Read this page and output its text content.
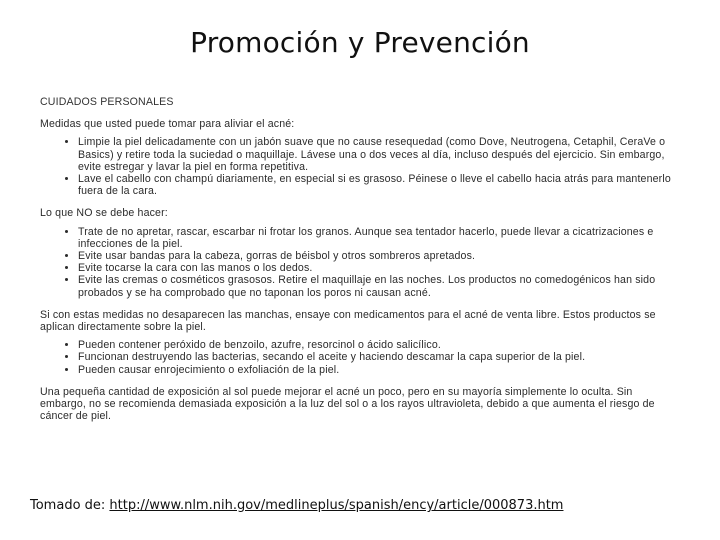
Promoción y Prevención
CUIDADOS PERSONALES
Medidas que usted puede tomar para aliviar el acné:
• Limpie la piel delicadamente con un jabón suave que no cause resequedad (como Dove, Neutrogena, Cetaphil, CeraVe o Basics) y retire toda la suciedad o maquillaje. Lávese una o dos veces al día, incluso después del ejercicio. Sin embargo, evite estregar y lavar la piel en forma repetitiva.
• Lave el cabello con champú diariamente, en especial si es grasoso. Péinese o lleve el cabello hacia atrás para mantenerlo fuera de la cara.
Lo que NO se debe hacer:
• Trate de no apretar, rascar, escarbar ni frotar los granos. Aunque sea tentador hacerlo, puede llevar a cicatrizaciones e infecciones de la piel.
• Evite usar bandas para la cabeza, gorras de béisbol y otros sombreros apretados.
• Evite tocarse la cara con las manos o los dedos.
• Evite las cremas o cosméticos grasosos. Retire el maquillaje en las noches. Los productos no comedogénicos han sido probados y se ha comprobado que no taponan los poros ni causan acné.
Si con estas medidas no desaparecen las manchas, ensaye con medicamentos para el acné de venta libre. Estos productos se aplican directamente sobre la piel.
• Pueden contener peróxido de benzoilo, azufre, resorcinol o ácido salicílico.
• Funcionan destruyendo las bacterias, secando el aceite y haciendo descamar la capa superior de la piel.
• Pueden causar enrojecimiento o exfoliación de la piel.
Una pequeña cantidad de exposición al sol puede mejorar el acné un poco, pero en su mayoría simplemente lo oculta. Sin embargo, no se recomienda demasiada exposición a la luz del sol o a los rayos ultravioleta, debido a que aumenta el riesgo de cáncer de piel.
Tomado de: http://www.nlm.nih.gov/medlineplus/spanish/ency/article/000873.htm
